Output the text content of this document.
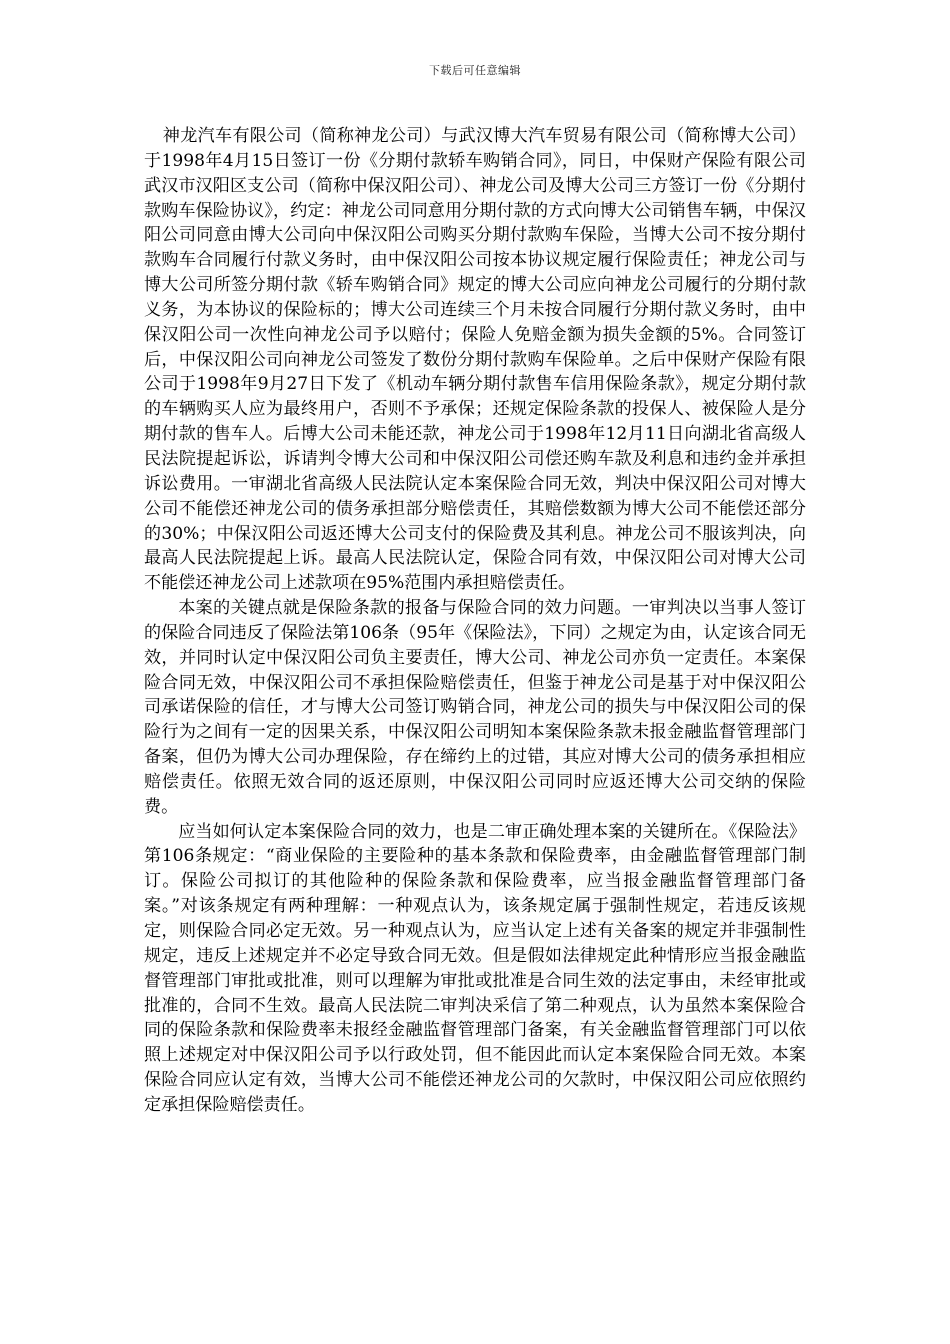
下载后可任意编辑

神龙汽车有限公司（简称神龙公司）与武汉博大汽车贸易有限公司（简称博大公司）于1998年4月15日签订一份《分期付款轿车购销合同》，同日，中保财产保险有限公司武汉市汉阳区支公司（简称中保汉阳公司）、神龙公司及博大公司三方签订一份《分期付款购车保险协议》，约定：神龙公司同意用分期付款的方式向博大公司销售车辆，中保汉阳公司同意由博大公司向中保汉阳公司购买分期付款购车保险，当博大公司不按分期付款购车合同履行付款义务时，由中保汉阳公司按本协议规定履行保险责任；神龙公司与博大公司所签分期付款《轿车购销合同》规定的博大公司应向神龙公司履行的分期付款义务，为本协议的保险标的；博大公司连续三个月未按合同履行分期付款义务时，由中保汉阳公司一次性向神龙公司予以赔付；保险人免赔金额为损失金额的5%。合同签订后，中保汉阳公司向神龙公司签发了数份分期付款购车保险单。之后中保财产保险有限公司于1998年9月27日下发了《机动车辆分期付款售车信用保险条款》，规定分期付款的车辆购买人应为最终用户，否则不予承保；还规定保险条款的投保人、被保险人是分期付款的售车人。后博大公司未能还款，神龙公司于1998年12月11日向湖北省高级人民法院提起诉讼，诉请判令博大公司和中保汉阳公司偿还购车款及利息和违约金并承担诉讼费用。一审湖北省高级人民法院认定本案保险合同无效，判决中保汉阳公司对博大公司不能偿还神龙公司的债务承担部分赔偿责任，其赔偿数额为博大公司不能偿还部分的30%；中保汉阳公司返还博大公司支付的保险费及其利息。神龙公司不服该判决，向最高人民法院提起上诉。最高人民法院认定，保险合同有效，中保汉阳公司对博大公司不能偿还神龙公司上述款项在95%范围内承担赔偿责任。

本案的关键点就是保险条款的报备与保险合同的效力问题。一审判决以当事人签订的保险合同违反了保险法第106条（95年《保险法》，下同）之规定为由，认定该合同无效，并同时认定中保汉阳公司负主要责任，博大公司、神龙公司亦负一定责任。本案保险合同无效，中保汉阳公司不承担保险赔偿责任，但鉴于神龙公司是基于对中保汉阳公司承诺保险的信任，才与博大公司签订购销合同，神龙公司的损失与中保汉阳公司的保险行为之间有一定的因果关系，中保汉阳公司明知本案保险条款未报金融监督管理部门备案，但仍为博大公司办理保险，存在缔约上的过错，其应对博大公司的债务承担相应赔偿责任。依照无效合同的返还原则，中保汉阳公司同时应返还博大公司交纳的保险费。

应当如何认定本案保险合同的效力，也是二审正确处理本案的关键所在。《保险法》第106条规定：“商业保险的主要险种的基本条款和保险费率，由金融监督管理部门制订。保险公司拟订的其他险种的保险条款和保险费率，应当报金融监督管理部门备案。”对该条规定有两种理解：一种观点认为，该条规定属于强制性规定，若违反该规定，则保险合同必定无效。另一种观点认为，应当认定上述有关备案的规定并非强制性规定，违反上述规定并不必定导致合同无效。但是假如法律规定此种情形应当报金融监督管理部门审批或批准，则可以理解为审批或批准是合同生效的法定事由，未经审批或批准的，合同不生效。最高人民法院二审判决采信了第二种观点，认为虽然本案保险合同的保险条款和保险费率未报经金融监督管理部门备案，有关金融监督管理部门可以依照上述规定对中保汉阳公司予以行政处罚，但不能因此而认定本案保险合同无效。本案保险合同应认定有效，当博大公司不能偿还神龙公司的欠款时，中保汉阳公司应依照约定承担保险赔偿责任。
